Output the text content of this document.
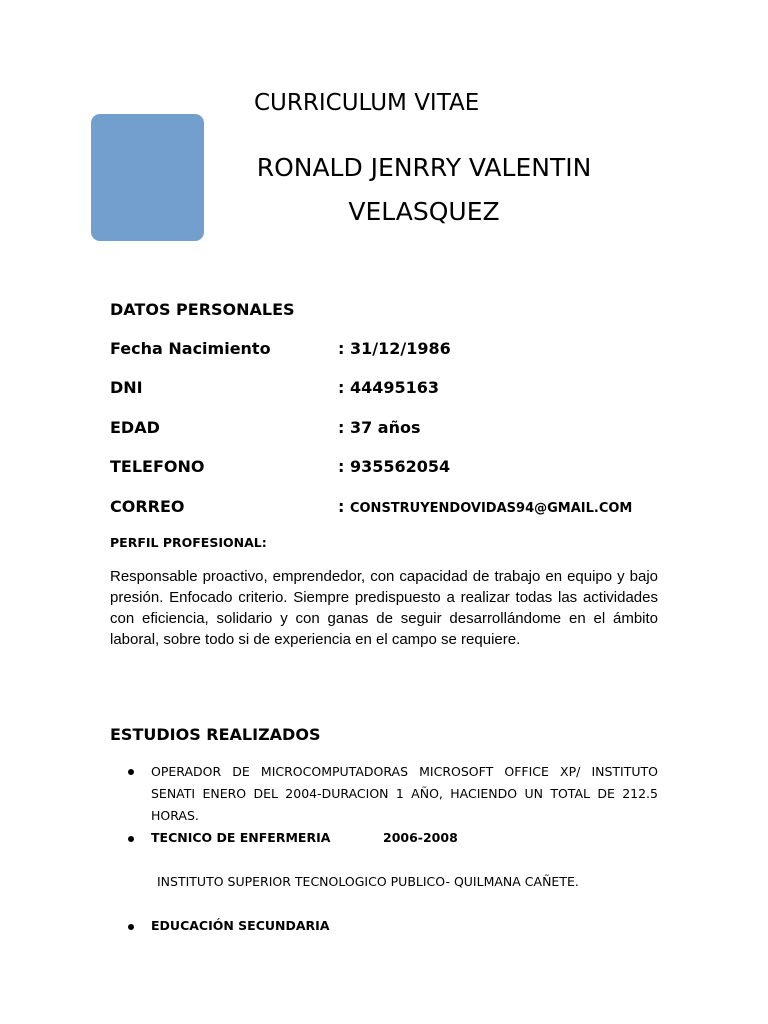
CURRICULUM VITAE
RONALD JENRRY VALENTIN
VELASQUEZ
DATOS PERSONALES
Fecha Nacimiento	: 31/12/1986
DNI	: 44495163
EDAD	: 37 años
TELEFONO	: 935562054
CORREO	: CONSTRUYENDOVIDAS94@GMAIL.COM
PERFIL PROFESIONAL:
Responsable proactivo, emprendedor, con capacidad de trabajo en equipo y bajo presión. Enfocado criterio. Siempre predispuesto a realizar todas las actividades con eficiencia, solidario y con ganas de seguir desarrollándome en el ámbito laboral, sobre todo si de experiencia en el campo se requiere.
ESTUDIOS REALIZADOS
OPERADOR DE MICROCOMPUTADORAS MICROSOFT OFFICE XP/ INSTITUTO SENATI ENERO DEL 2004-DURACION 1 AÑO, HACIENDO UN TOTAL DE 212.5 HORAS.
TECNICO DE ENFERMERIA	2006-2008
INSTITUTO SUPERIOR TECNOLOGICO PUBLICO- QUILMANA CAÑETE.
EDUCACIÓN SECUNDARIA
